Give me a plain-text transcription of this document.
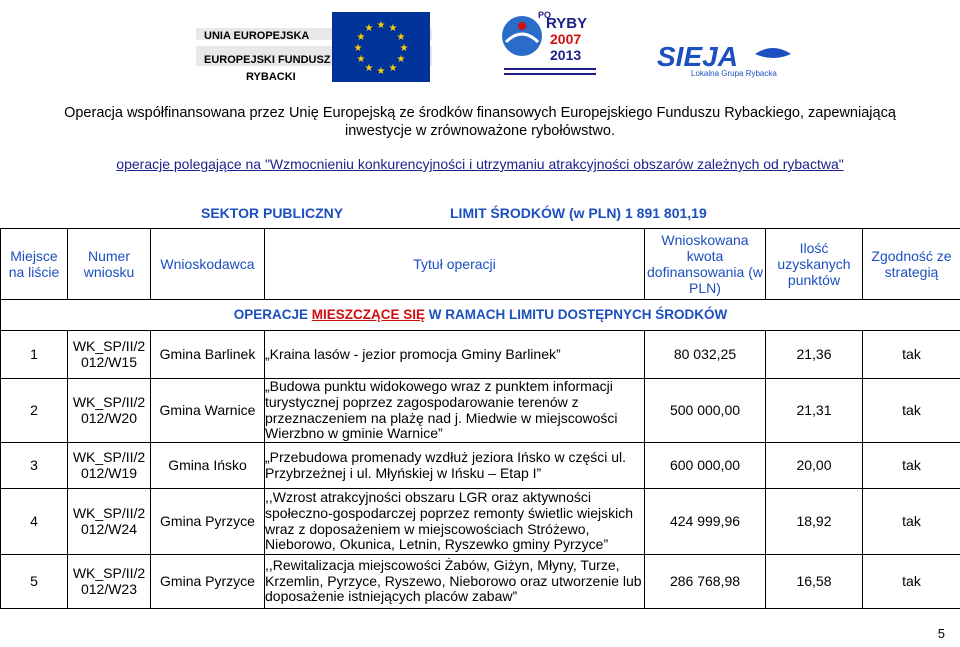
UNIA EUROPEJSKA
EUROPEJSKI FUNDUSZ
RYBACKI
★ ★
★
★
★
★
★
★
★
★
★
★
PO
RYBY
2007
2013	SIEJA
Lokalna Grupa Rybacka
Operacja współfinansowana przez Unię Europejską ze środków finansowych Europejskiego Funduszu Rybackiego, zapewniającą inwestycje w zrównoważone rybołówstwo.
operacje polegające na "Wzmocnieniu konkurencyjności i utrzymaniu atrakcyjności obszarów zależnych od rybactwa"
SEKTOR PUBLICZNY	LIMIT ŚRODKÓW (w PLN) 1 891 801,19
Miejsce na liście	Numer wniosku	Wnioskodawca	Tytuł operacji	Wnioskowana kwota dofinansowania (w PLN)	Ilość uzyskanych punktów	Zgodność ze strategią
OPERACJE MIESZCZĄCE SIĘ W RAMACH LIMITU DOSTĘPNYCH ŚRODKÓW						
1	WK_SP/II/2 012/W15	Gmina Barlinek	„Kraina lasów - jezior promocja Gminy Barlinek”	80 032,25	21,36	tak
2	WK_SP/II/2 012/W20	Gmina Warnice	„Budowa punktu widokowego wraz z punktem informacji turystycznej poprzez zagospodarowanie terenów z przeznaczeniem na plażę nad j. Miedwie w miejscowości Wierzbno w gminie Warnice”	500 000,00	21,31	tak
3	WK_SP/II/2 012/W19	Gmina Ińsko	„Przebudowa promenady wzdłuż jeziora Ińsko w części ul. Przybrzeżnej i ul. Młyńskiej w Ińsku – Etap I”	600 000,00	20,00	tak
4	WK_SP/II/2 012/W24	Gmina Pyrzyce	,,Wzrost atrakcyjności obszaru LGR oraz aktywności społeczno-gospodarczej poprzez remonty świetlic wiejskich wraz z doposażeniem w miejscowościach Stróżewo, Nieborowo, Okunica, Letnin, Ryszewko gminy Pyrzyce”	424 999,96	18,92	tak
5	WK_SP/II/2 012/W23	Gmina Pyrzyce	,,Rewitalizacja miejscowości Żabów, Giżyn, Młyny, Turze, Krzemlin, Pyrzyce, Ryszewo, Nieborowo oraz utworzenie lub doposażenie istniejących placów zabaw”	286 768,98	16,58	tak
5
